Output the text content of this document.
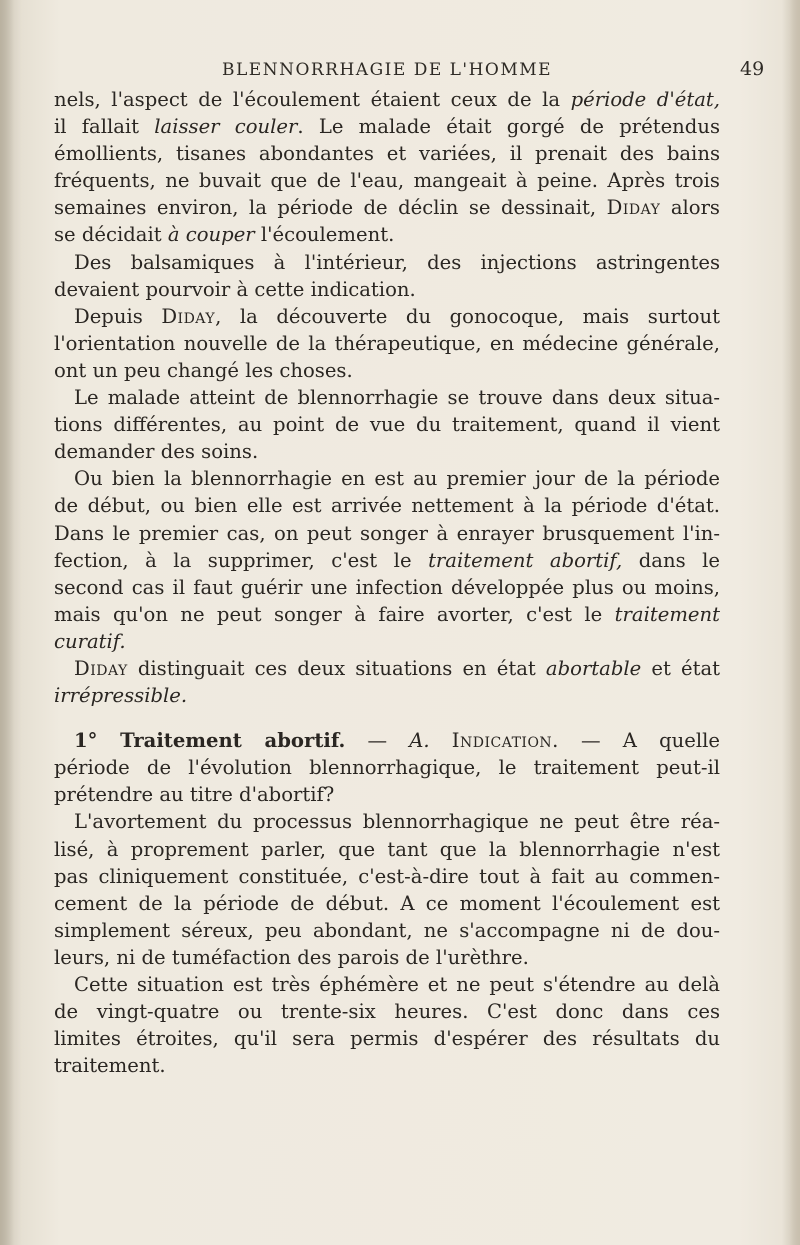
BLENNORRHAGIE DE L'HOMME	49

nels, l'aspect de l'écoulement étaient ceux de la période d'état,
il fallait laisser couler. Le malade était gorgé de prétendus
émollients, tisanes abondantes et variées, il prenait des bains
fréquents, ne buvait que de l'eau, mangeait à peine. Après trois
semaines environ, la période de déclin se dessinait, Diday alors
se décidait à couper l'écoulement.

Des balsamiques à l'intérieur, des injections astringentes
devaient pourvoir à cette indication.

Depuis Diday, la découverte du gonocoque, mais surtout
l'orientation nouvelle de la thérapeutique, en médecine générale,
ont un peu changé les choses.

Le malade atteint de blennorrhagie se trouve dans deux situa-
tions différentes, au point de vue du traitement, quand il vient
demander des soins.

Ou bien la blennorrhagie en est au premier jour de la période
de début, ou bien elle est arrivée nettement à la période d'état.
Dans le premier cas, on peut songer à enrayer brusquement l'in-
fection, à la supprimer, c'est le traitement abortif, dans le
second cas il faut guérir une infection développée plus ou moins,
mais qu'on ne peut songer à faire avorter, c'est le traitement
curatif.

Diday distinguait ces deux situations en état abortable et état
irrépressible.

1° Traitement abortif. — A. Indication. — A quelle
période de l'évolution blennorrhagique, le traitement peut-il
prétendre au titre d'abortif?

L'avortement du processus blennorrhagique ne peut être réa-
lisé, à proprement parler, que tant que la blennorrhagie n'est
pas cliniquement constituée, c'est-à-dire tout à fait au commen-
cement de la période de début. A ce moment l'écoulement est
simplement séreux, peu abondant, ne s'accompagne ni de dou-
leurs, ni de tuméfaction des parois de l'urèthre.

Cette situation est très éphémère et ne peut s'étendre au delà
de vingt-quatre ou trente-six heures. C'est donc dans ces
limites étroites, qu'il sera permis d'espérer des résultats du
traitement.
